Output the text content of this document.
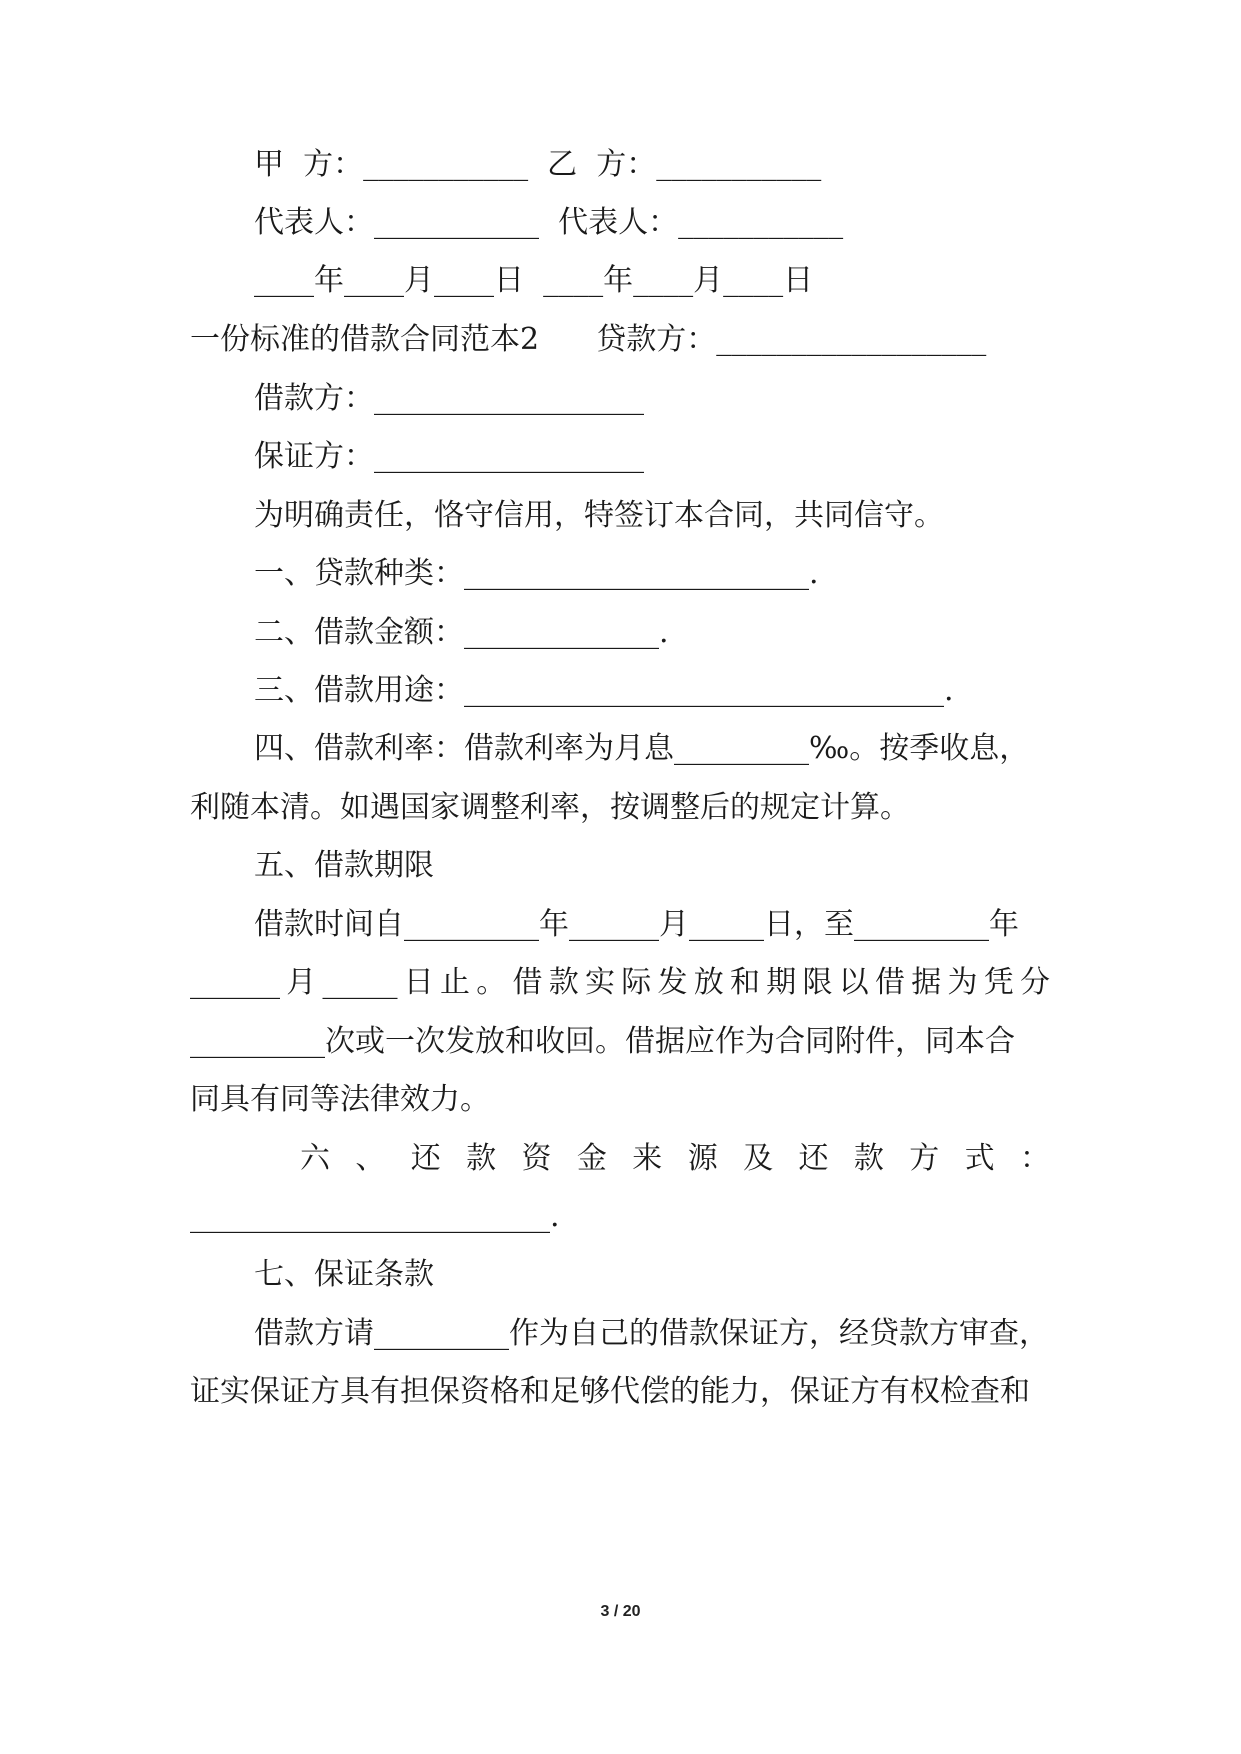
甲  方：___________  乙  方：___________
代表人：___________  代表人：___________
____年____月____日  ____年____月____日
一份标准的借款合同范本2      贷款方：__________________
借款方：__________________
保证方：__________________
为明确责任，恪守信用，特签订本合同，共同信守。
一、贷款种类：_______________________.
二、借款金额：_____________.
三、借款用途：________________________________.
四、借款利率：借款利率为月息_________‰。按季收息，
利随本清。如遇国家调整利率，按调整后的规定计算。
五、借款期限
借款时间自_________年______月_____日，至_________年
______月_____日止。借款实际发放和期限以借据为凭分
_________次或一次发放和收回。借据应作为合同附件，同本合
同具有同等法律效力。
六、还款资金来源及还款方式：
________________________.
七、保证条款
借款方请_________作为自己的借款保证方，经贷款方审查，
证实保证方具有担保资格和足够代偿的能力，保证方有权检查和
3 / 20
